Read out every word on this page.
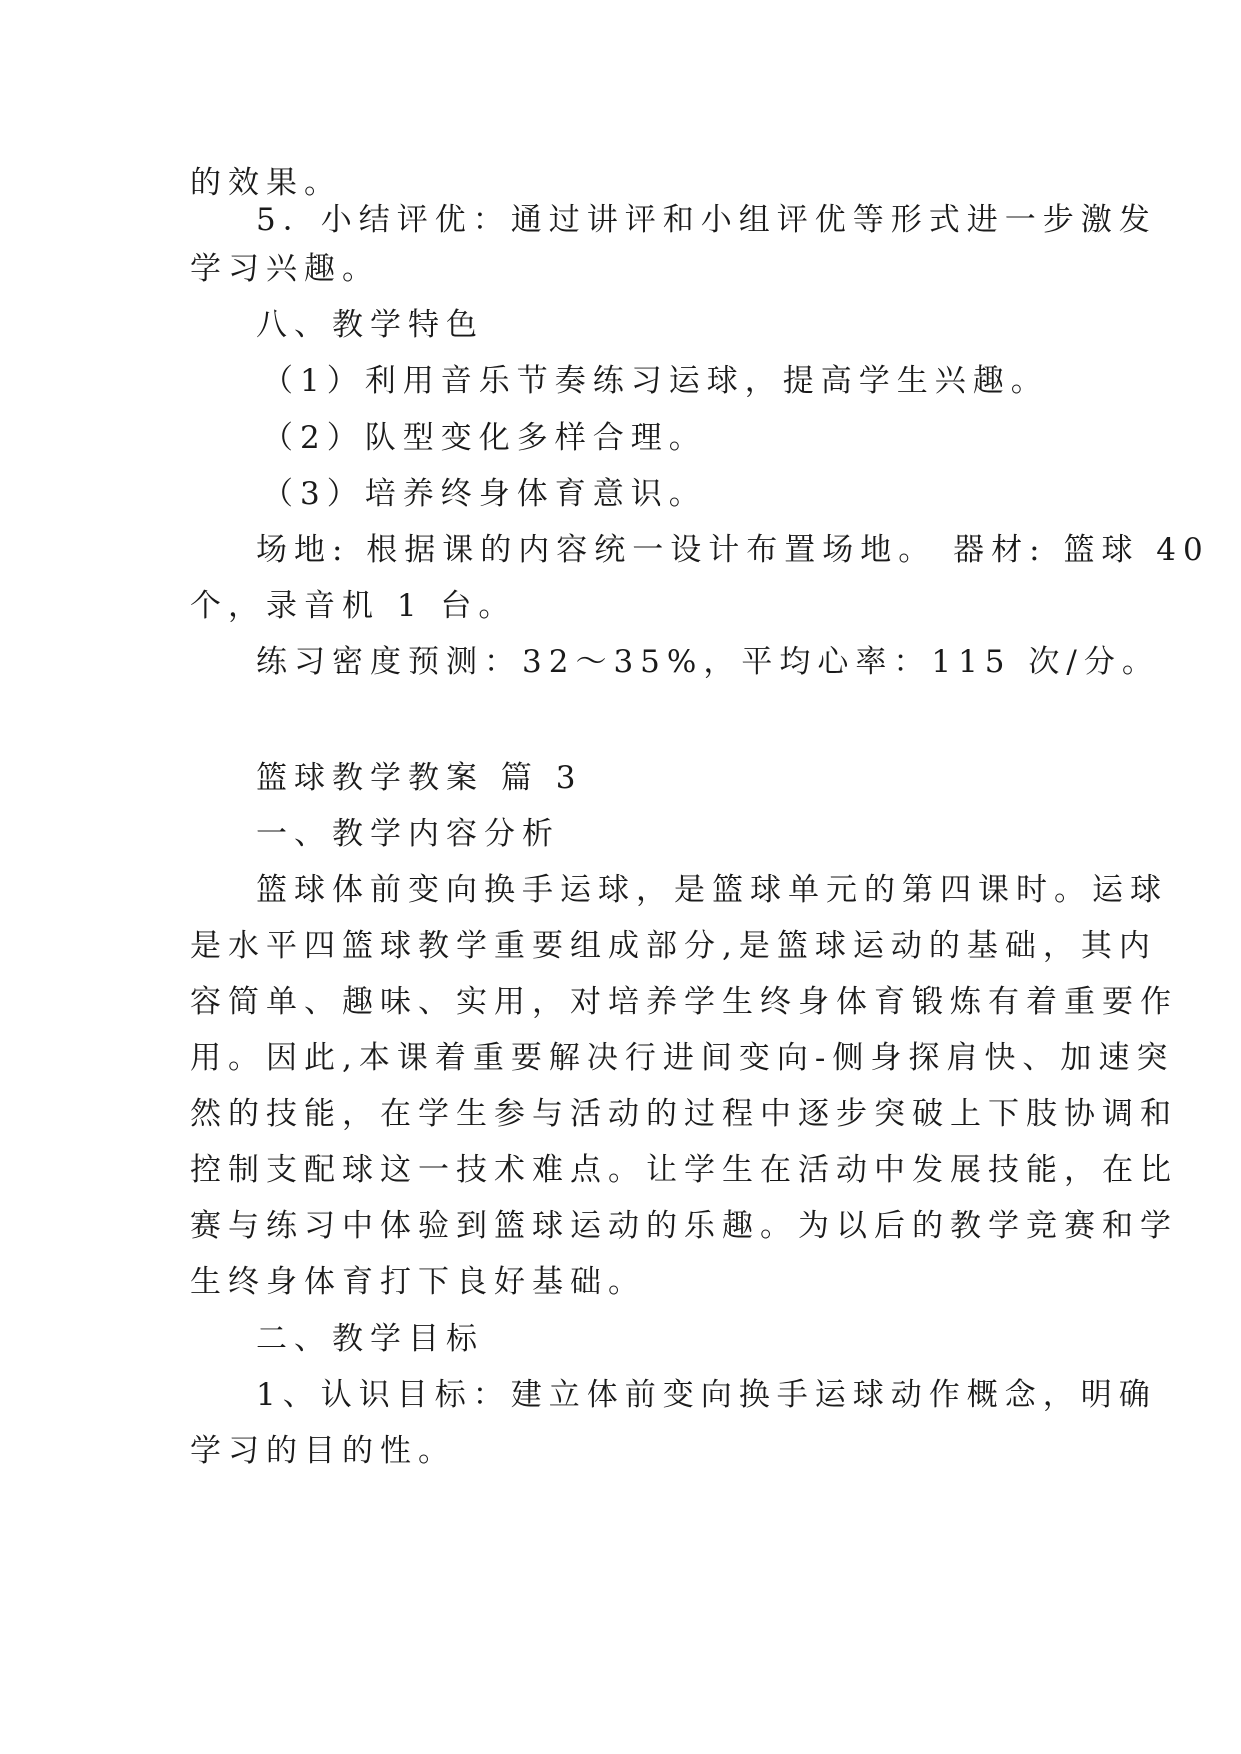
的效果。
5．小结评优：通过讲评和小组评优等形式进一步激发
学习兴趣。
八、教学特色
（1）利用音乐节奏练习运球，提高学生兴趣。
（2）队型变化多样合理。
（3）培养终身体育意识。
场地: 根据课的内容统一设计布置场地。 器材: 篮球 40
个，录音机 1 台。
练习密度预测：32～35%，平均心率：115 次/分。
篮球教学教案 篇 3
一、教学内容分析
篮球体前变向换手运球，是篮球单元的第四课时。运球
是水平四篮球教学重要组成部分,是篮球运动的基础，其内
容简单、趣味、实用，对培养学生终身体育锻炼有着重要作
用。因此,本课着重要解决行进间变向-侧身探肩快、加速突
然的技能，在学生参与活动的过程中逐步突破上下肢协调和
控制支配球这一技术难点。让学生在活动中发展技能，在比
赛与练习中体验到篮球运动的乐趣。为以后的教学竞赛和学
生终身体育打下良好基础。
二、教学目标
1、认识目标：建立体前变向换手运球动作概念，明确
学习的目的性。
